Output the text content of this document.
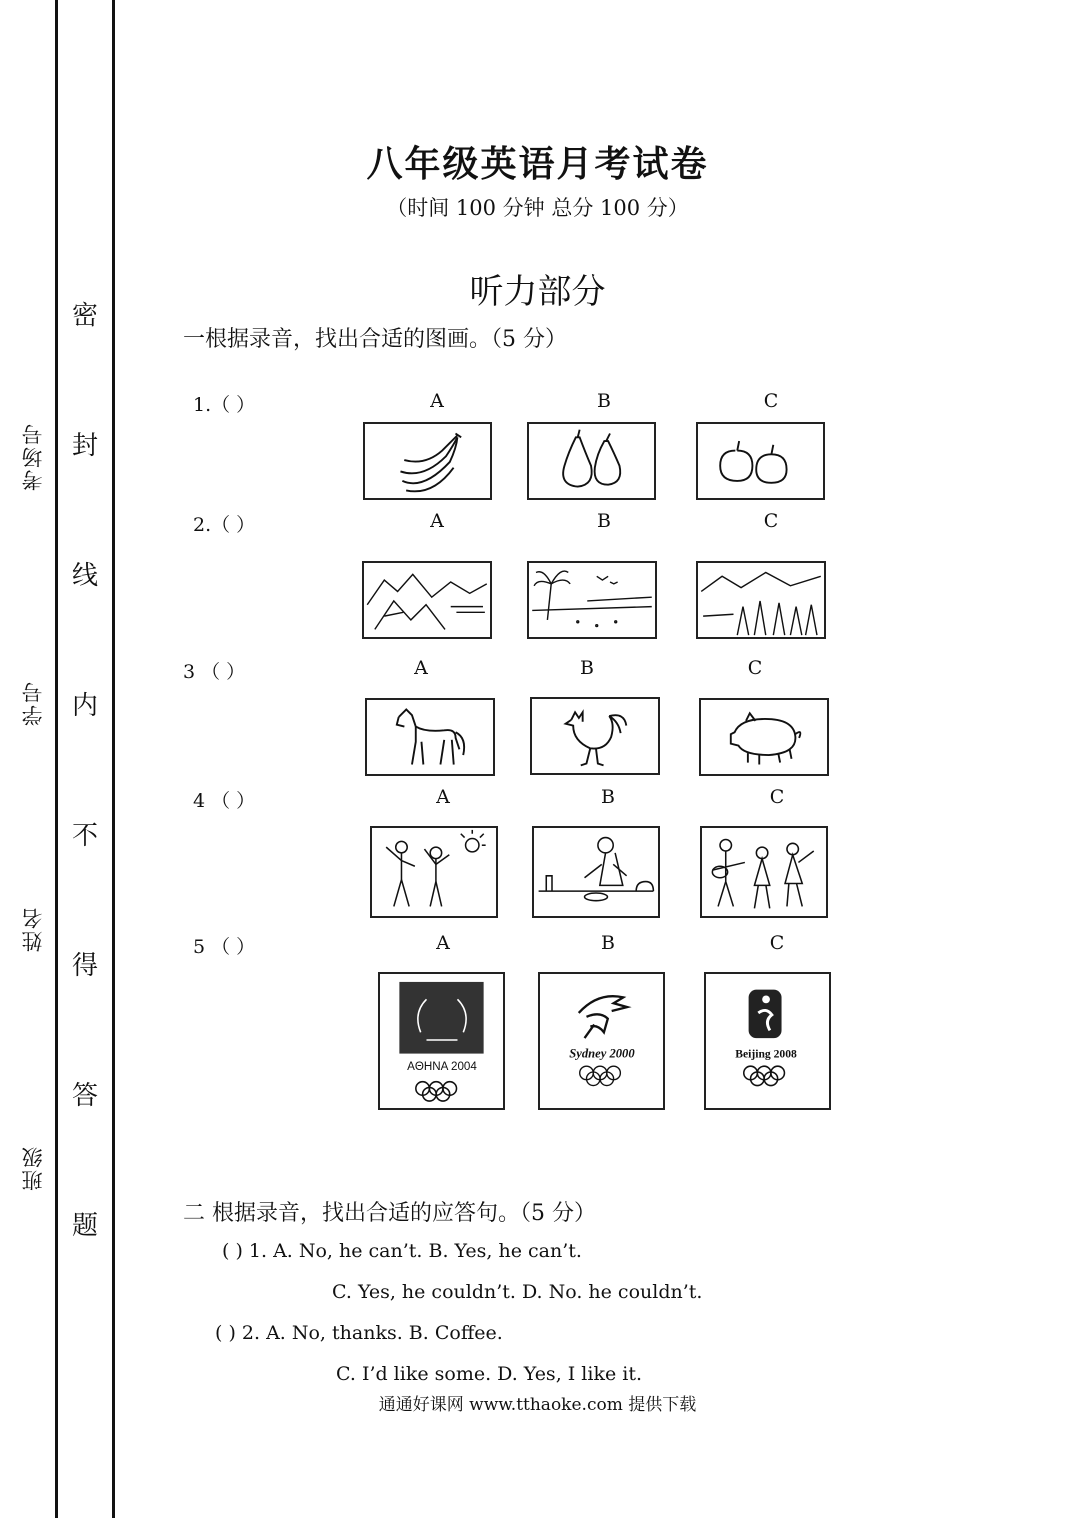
考场号
学号
姓名
班级
密
封
线
内
不
得
答
题
八年级英语月考试卷
（时间 100 分钟 总分 100 分）
听力部分
一根据录音，找出合适的图画。（5 分）
1.（ ）	A	B	C
2.（ ）	A	B	C
3 （ ）	A	B	C
4 （ ）	A	B	C
5 （ ）	A	B	C
AΘHNA 2004
Sydney 2000	Beijing 2008
二 根据录音，找出合适的应答句。（5 分）
( ) 1. A. No, he can’t. B. Yes, he can’t.
C. Yes, he couldn’t. D. No. he couldn’t.
( ) 2. A. No, thanks. B. Coffee.
C. I’d like some. D. Yes, I like it.
通通好课网 www.tthaoke.com 提供下载
